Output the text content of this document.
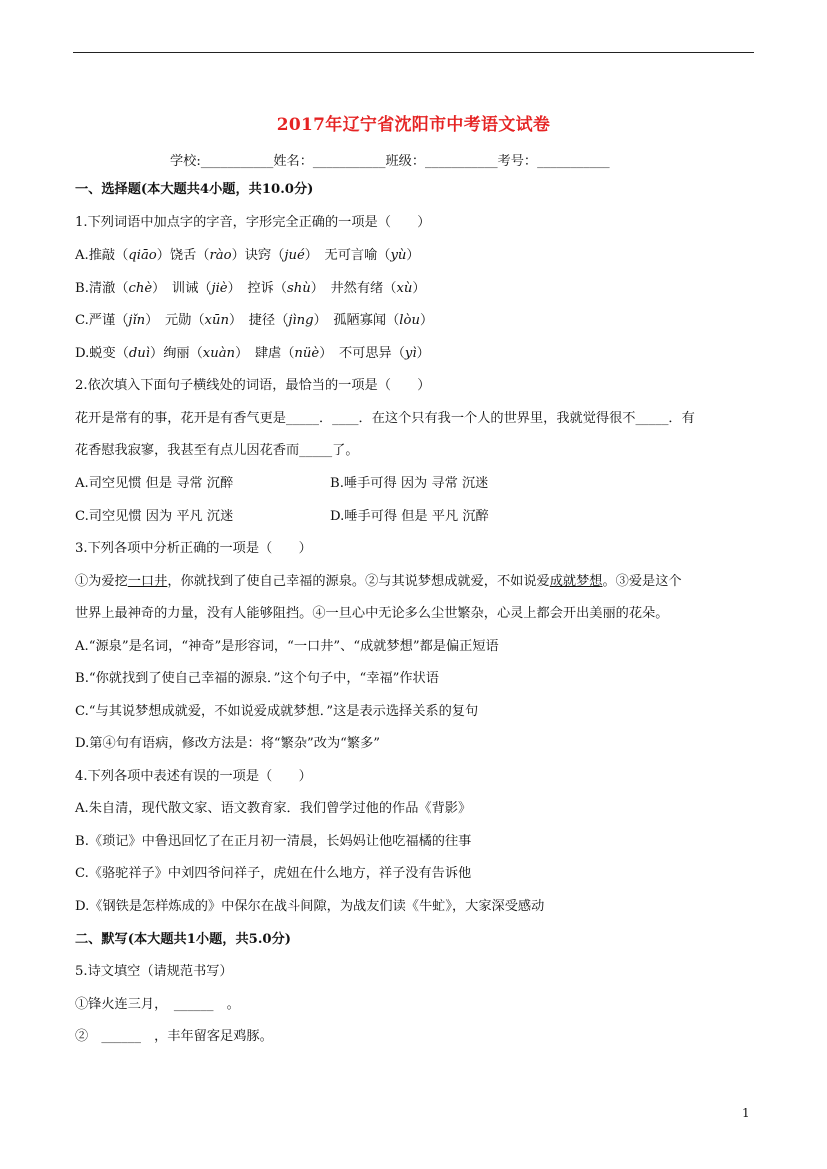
2017年辽宁省沈阳市中考语文试卷
学校:___________姓名：___________班级：___________考号：___________
一、选择题(本大题共4小题，共10.0分)
1.下列词语中加点字的字音，字形完全正确的一项是（　　）
A.推敲（qiāo）饶舌（rào）诀窍（jué）　无可言喻（yù）
B.清澈（chè）　训诫（jiè）　控诉（shù）　井然有绪（xù）
C.严谨（jǐn）　元勋（xūn）　捷径（jìng）　孤陋寡闻（lòu）
D.蜕变（duì）绚丽（xuàn）　肆虐（nüè）　不可思异（yì）
2.依次填入下面句子横线处的词语，最恰当的一项是（　　）
花开是常有的事，花开是有香气更是_____．____．在这个只有我一个人的世界里，我就觉得很不_____．有
花香慰我寂寥，我甚至有点儿因花香而_____了。
A.司空见惯 但是 寻常 沉醉	B.唾手可得 因为 寻常 沉迷
C.司空见惯 因为 平凡 沉迷	D.唾手可得 但是 平凡 沉醉
3.下列各项中分析正确的一项是（　　）
①为爱挖一口井，你就找到了使自己幸福的源泉。②与其说梦想成就爱，不如说爱成就梦想。③爱是这个
世界上最神奇的力量，没有人能够阻挡。④一旦心中无论多么尘世繁杂，心灵上都会开出美丽的花朵。
A.“源泉”是名词，“神奇”是形容词，“一口井”、“成就梦想”都是偏正短语
B.“你就找到了使自己幸福的源泉．”这个句子中，“幸福”作状语
C.“与其说梦想成就爱，不如说爱成就梦想．”这是表示选择关系的复句
D.第④句有语病，修改方法是：将“繁杂”改为“繁多”
4.下列各项中表述有误的一项是（　　）
A.朱自清，现代散文家、语文教育家．我们曾学过他的作品《背影》
B.《琐记》中鲁迅回忆了在正月初一清晨，长妈妈让他吃福橘的往事
C.《骆驼祥子》中刘四爷问祥子，虎妞在什么地方，祥子没有告诉他
D.《钢铁是怎样炼成的》中保尔在战斗间隙，为战友们读《牛虻》，大家深受感动
二、默写(本大题共1小题，共5.0分)
5.诗文填空（请规范书写）
①锋火连三月，　______　。
②　______　，丰年留客足鸡豚。
1
